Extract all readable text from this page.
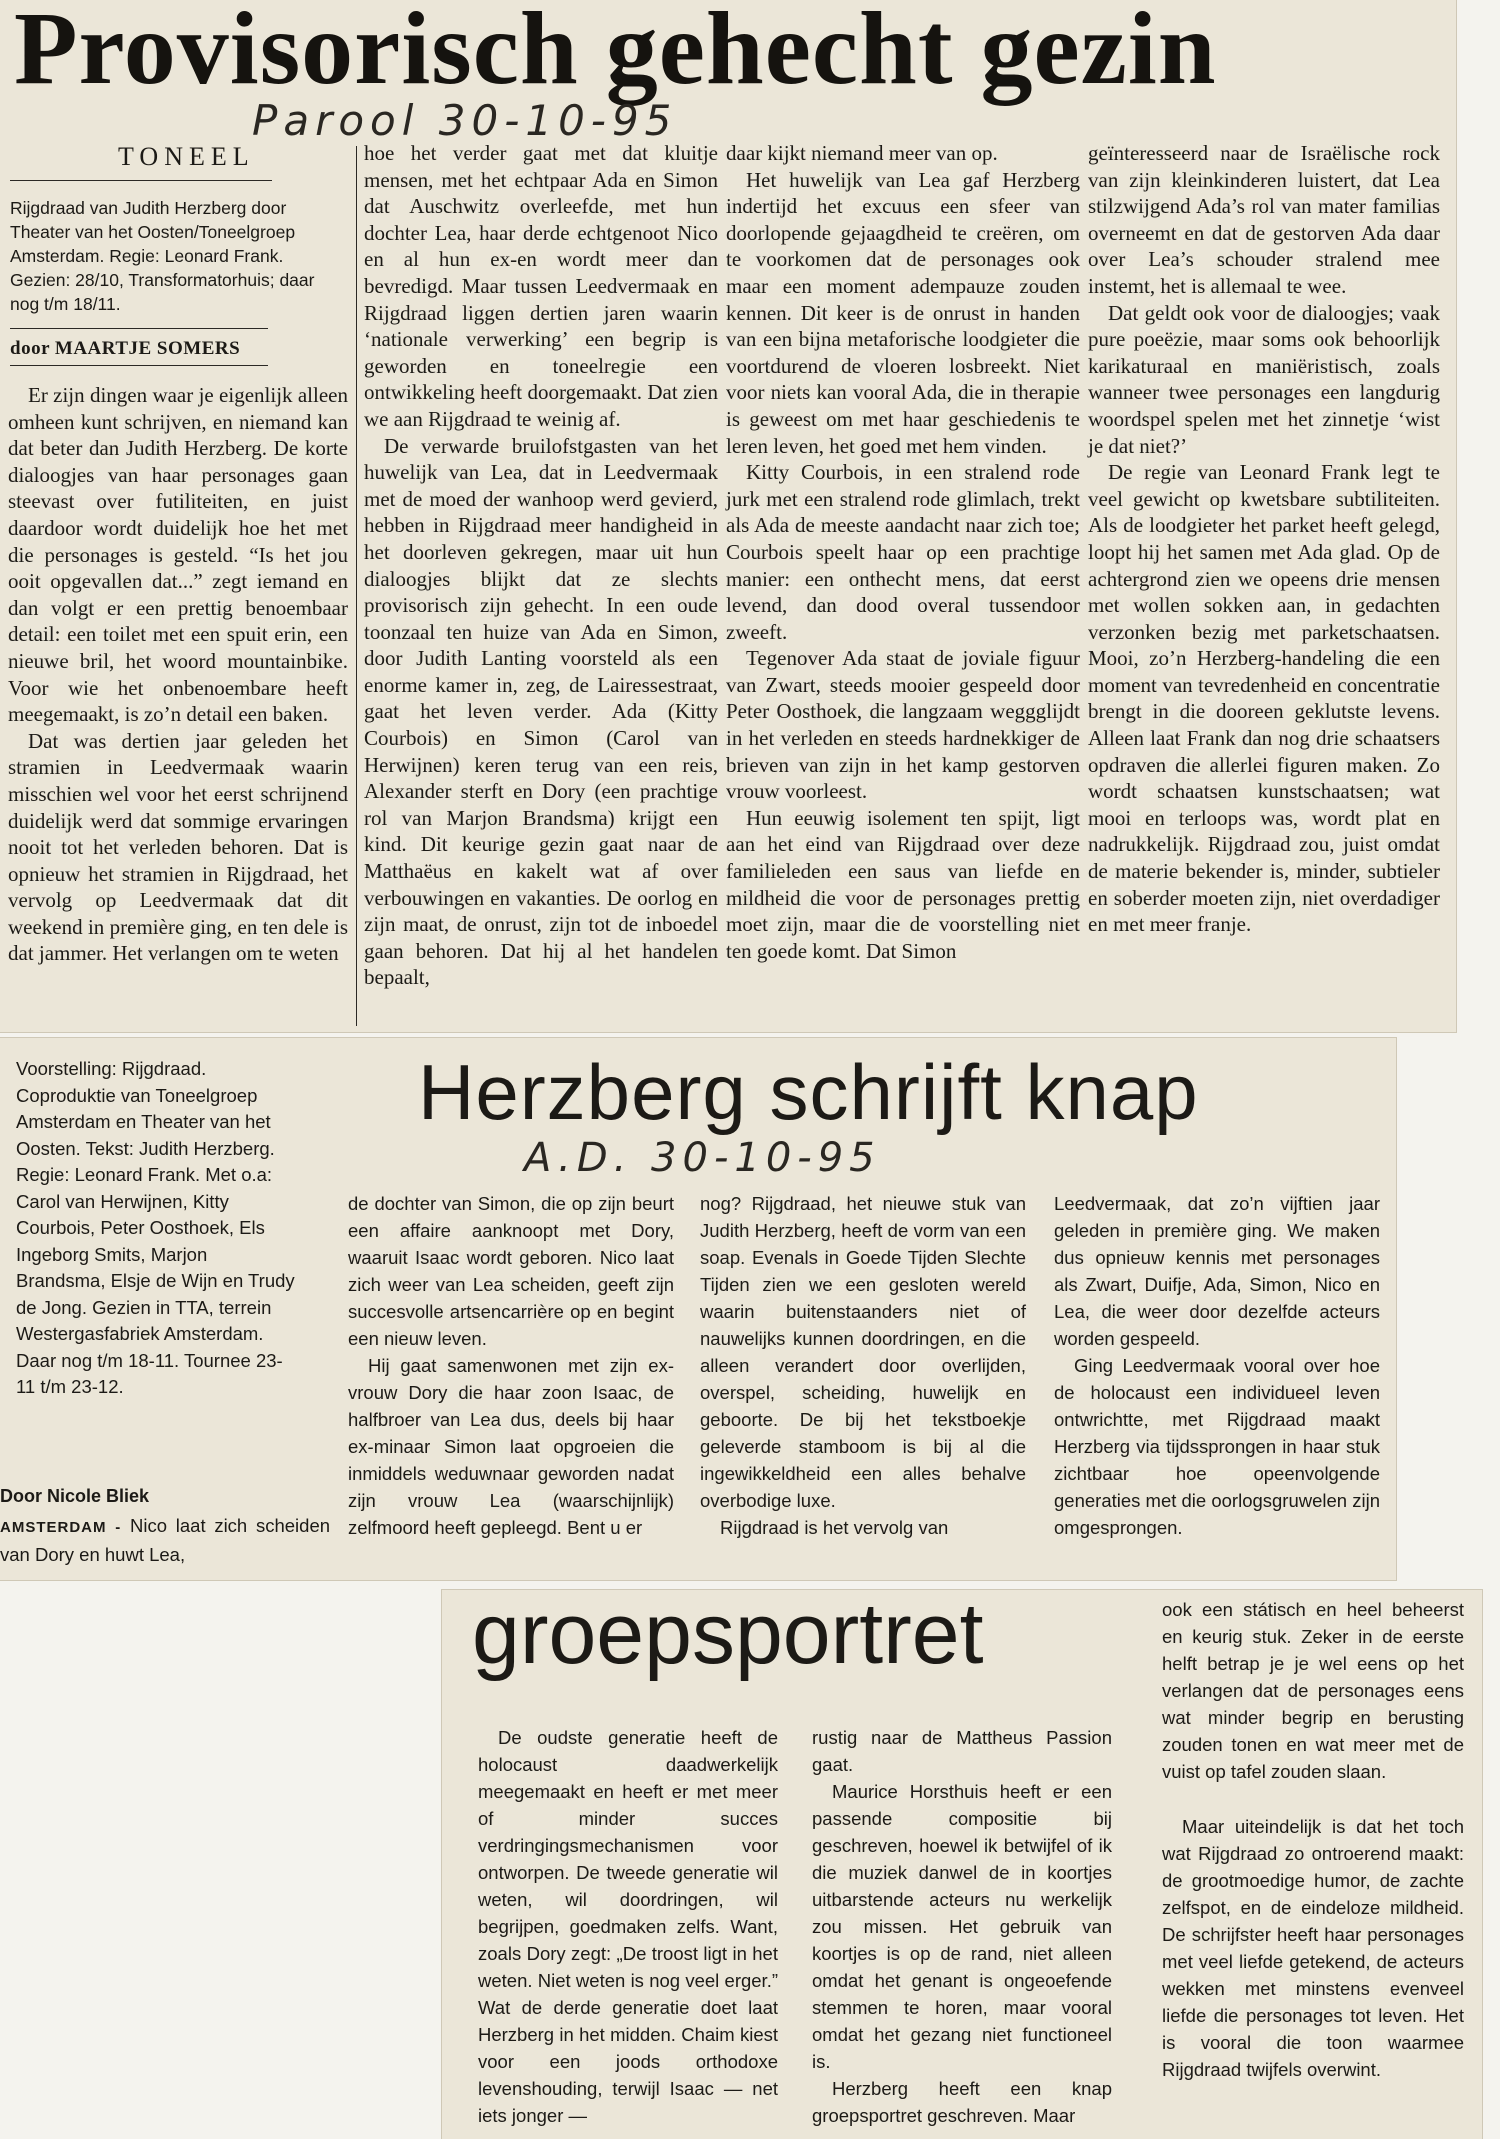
Provisorisch gehecht gezin
Parool 30-10-95
TONEEL
Rijgdraad van Judith Herzberg door Theater van het Oosten/Toneelgroep Amsterdam. Regie: Leonard Frank. Gezien: 28/10, Transformatorhuis; daar nog t/m 18/11.
door MAARTJE SOMERS

Er zijn dingen waar je eigenlijk alleen omheen kunt schrijven, en niemand kan dat beter dan Judith Herzberg. De korte dialoogjes van haar personages gaan steevast over futiliteiten, en juist daardoor wordt duidelijk hoe het met die personages is gesteld. “Is het jou ooit opgevallen dat...” zegt iemand en dan volgt er een prettig benoembaar detail: een toilet met een spuit erin, een nieuwe bril, het woord mountainbike. Voor wie het onbenoembare heeft meegemaakt, is zo’n detail een baken.

Dat was dertien jaar geleden het stramien in Leedvermaak waarin misschien wel voor het eerst schrijnend duidelijk werd dat sommige ervaringen nooit tot het verleden behoren. Dat is opnieuw het stramien in Rijgdraad, het vervolg op Leedvermaak dat dit weekend in première ging, en ten dele is dat jammer. Het verlangen om te weten

hoe het verder gaat met dat kluitje mensen, met het echtpaar Ada en Simon dat Auschwitz overleefde, met hun dochter Lea, haar derde echtgenoot Nico en al hun ex-en wordt meer dan bevredigd. Maar tussen Leedvermaak en Rijgdraad liggen dertien jaren waarin ‘nationale verwerking’ een begrip is geworden en toneelregie een ontwikkeling heeft doorgemaakt. Dat zien we aan Rijgdraad te weinig af.

De verwarde bruilofstgasten van het huwelijk van Lea, dat in Leedvermaak met de moed der wanhoop werd gevierd, hebben in Rijgdraad meer handigheid in het doorleven gekregen, maar uit hun dialoogjes blijkt dat ze slechts provisorisch zijn gehecht. In een oude toonzaal ten huize van Ada en Simon, door Judith Lanting voorsteld als een enorme kamer in, zeg, de Lairessestraat, gaat het leven verder. Ada (Kitty Courbois) en Simon (Carol van Herwijnen) keren terug van een reis, Alexander sterft en Dory (een prachtige rol van Marjon Brandsma) krijgt een kind. Dit keurige gezin gaat naar de Matthaëus en kakelt wat af over verbouwingen en vakanties. De oorlog en zijn maat, de onrust, zijn tot de inboedel gaan behoren. Dat hij al het handelen bepaalt,

daar kijkt niemand meer van op.

Het huwelijk van Lea gaf Herzberg indertijd het excuus een sfeer van doorlopende gejaagdheid te creëren, om te voorkomen dat de personages ook maar een moment adempauze zouden kennen. Dit keer is de onrust in handen van een bijna metaforische loodgieter die voortdurend de vloeren losbreekt. Niet voor niets kan vooral Ada, die in therapie is geweest om met haar geschiedenis te leren leven, het goed met hem vinden.

Kitty Courbois, in een stralend rode jurk met een stralend rode glimlach, trekt als Ada de meeste aandacht naar zich toe; Courbois speelt haar op een prachtige manier: een onthecht mens, dat eerst levend, dan dood overal tussendoor zweeft.

Tegenover Ada staat de joviale figuur van Zwart, steeds mooier gespeeld door Peter Oosthoek, die langzaam weggglijdt in het verleden en steeds hardnekkiger de brieven van zijn in het kamp gestorven vrouw voorleest.

Hun eeuwig isolement ten spijt, ligt aan het eind van Rijgdraad over deze familieleden een saus van liefde en mildheid die voor de personages prettig moet zijn, maar die de voorstelling niet ten goede komt. Dat Simon

geïnteresseerd naar de Israëlische rock van zijn kleinkinderen luistert, dat Lea stilzwijgend Ada’s rol van mater familias overneemt en dat de gestorven Ada daar over Lea’s schouder stralend mee instemt, het is allemaal te wee.

Dat geldt ook voor de dialoogjes; vaak pure poeëzie, maar soms ook behoorlijk karikaturaal en maniëristisch, zoals wanneer twee personages een langdurig woordspel spelen met het zinnetje ‘wist je dat niet?’

De regie van Leonard Frank legt te veel gewicht op kwetsbare subtiliteiten. Als de loodgieter het parket heeft gelegd, loopt hij het samen met Ada glad. Op de achtergrond zien we opeens drie mensen met wollen sokken aan, in gedachten verzonken bezig met parketschaatsen. Mooi, zo’n Herzberg-handeling die een moment van tevredenheid en concentratie brengt in die dooreen geklutste levens. Alleen laat Frank dan nog drie schaatsers opdraven die allerlei figuren maken. Zo wordt schaatsen kunstschaatsen; wat mooi en terloops was, wordt plat en nadrukkelijk. Rijgdraad zou, juist omdat de materie bekender is, minder, subtieler en soberder moeten zijn, niet overdadiger en met meer franje.

Voorstelling: Rijgdraad. Coproduktie van Toneelgroep Amsterdam en Theater van het Oosten. Tekst: Judith Herzberg. Regie: Leonard Frank. Met o.a: Carol van Herwijnen, Kitty Courbois, Peter Oosthoek, Els Ingeborg Smits, Marjon Brandsma, Elsje de Wijn en Trudy de Jong. Gezien in TTA, terrein Westergasfabriek Amsterdam. Daar nog t/m 18-11. Tournee 23-11 t/m 23-12.
Herzberg schrijft knap
A.D. 30-10-95
Door Nicole Bliek
AMSTERDAM - Nico laat zich scheiden van Dory en huwt Lea,

de dochter van Simon, die op zijn beurt een affaire aanknoopt met Dory, waaruit Isaac wordt geboren. Nico laat zich weer van Lea scheiden, geeft zijn succesvolle artsencarrière op en begint een nieuw leven.

Hij gaat samenwonen met zijn ex-vrouw Dory die haar zoon Isaac, de halfbroer van Lea dus, deels bij haar ex-minaar Simon laat opgroeien die inmiddels weduwnaar geworden nadat zijn vrouw Lea (waarschijnlijk) zelfmoord heeft gepleegd. Bent u er

nog? Rijgdraad, het nieuwe stuk van Judith Herzberg, heeft de vorm van een soap. Evenals in Goede Tijden Slechte Tijden zien we een gesloten wereld waarin buitenstaanders niet of nauwelijks kunnen doordringen, en die alleen verandert door overlijden, overspel, scheiding, huwelijk en geboorte. De bij het tekstboekje geleverde stamboom is bij al die ingewikkeldheid een alles behalve overbodige luxe.

Rijgdraad is het vervolg van

Leedvermaak, dat zo’n vijftien jaar geleden in première ging. We maken dus opnieuw kennis met personages als Zwart, Duifje, Ada, Simon, Nico en Lea, die weer door dezelfde acteurs worden gespeeld.

Ging Leedvermaak vooral over hoe de holocaust een individueel leven ontwrichtte, met Rijgdraad maakt Herzberg via tijdssprongen in haar stuk zichtbaar hoe opeenvolgende generaties met die oorlogsgruwelen zijn omgesprongen.

groepsportret

De oudste generatie heeft de holocaust daadwerkelijk meegemaakt en heeft er met meer of minder succes verdringingsmechanismen voor ontworpen. De tweede generatie wil weten, wil doordringen, wil begrijpen, goedmaken zelfs. Want, zoals Dory zegt: „De troost ligt in het weten. Niet weten is nog veel erger.” Wat de derde generatie doet laat Herzberg in het midden. Chaim kiest voor een joods orthodoxe levenshouding, terwijl Isaac — net iets jonger —

rustig naar de Mattheus Passion gaat.

Maurice Horsthuis heeft er een passende compositie bij geschreven, hoewel ik betwijfel of ik die muziek danwel de in koortjes uitbarstende acteurs nu werkelijk zou missen. Het gebruik van koortjes is op de rand, niet alleen omdat het genant is ongeoefende stemmen te horen, maar vooral omdat het gezang niet functioneel is.

Herzberg heeft een knap groepsportret geschreven. Maar

ook een státisch en heel beheerst en keurig stuk. Zeker in de eerste helft betrap je je wel eens op het verlangen dat de personages eens wat minder begrip en berusting zouden tonen en wat meer met de vuist op tafel zouden slaan.

Maar uiteindelijk is dat het toch wat Rijgdraad zo ontroerend maakt: de grootmoedige humor, de zachte zelfspot, en de eindeloze mildheid. De schrijfster heeft haar personages met veel liefde getekend, de acteurs wekken met minstens evenveel liefde die personages tot leven. Het is vooral die toon waarmee Rijgdraad twijfels overwint.
